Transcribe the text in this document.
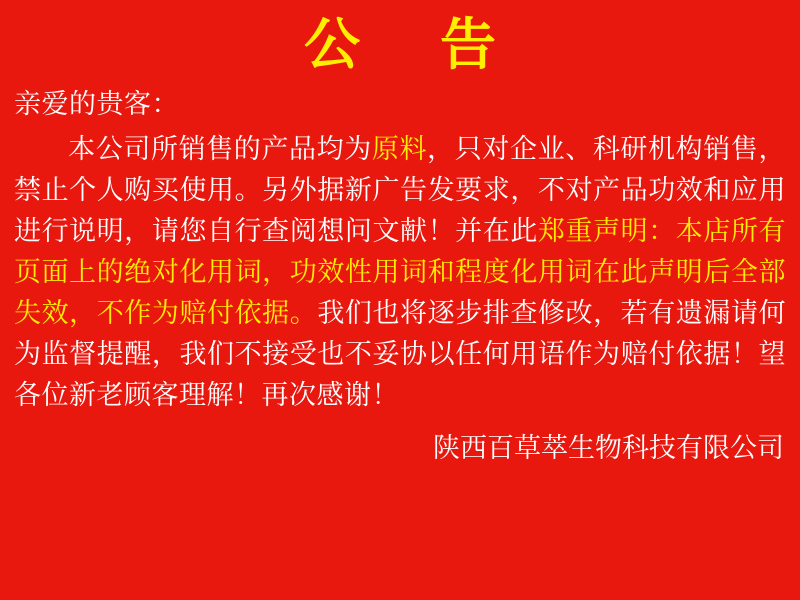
公　告
亲爱的贵客：
本公司所销售的产品均为原料，只对企业、科研机构销售，禁止个人购买使用。另外据新广告发要求，不对产品功效和应用进行说明，请您自行查阅想问文献！并在此郑重声明：本店所有页面上的绝对化用词，功效性用词和程度化用词在此声明后全部失效，不作为赔付依据。我们也将逐步排查修改，若有遗漏请何为监督提醒，我们不接受也不妥协以任何用语作为赔付依据！望各位新老顾客理解！再次感谢！
陕西百草萃生物科技有限公司
